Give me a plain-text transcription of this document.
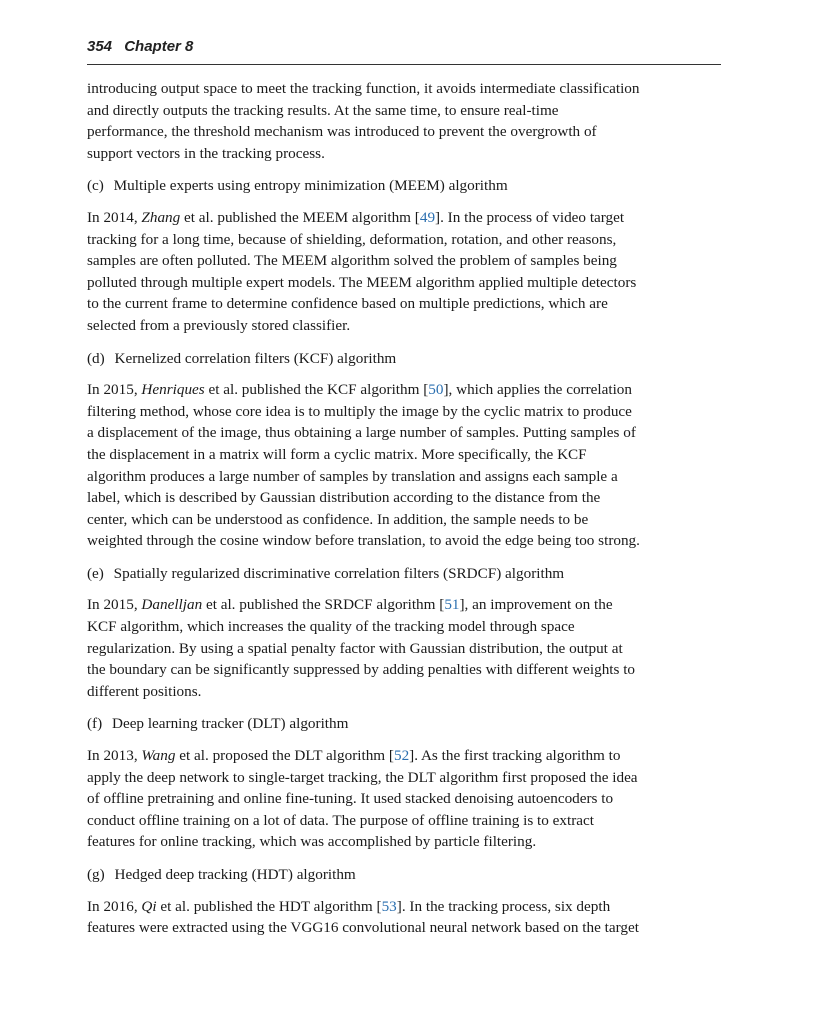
354 Chapter 8

introducing output space to meet the tracking function, it avoids intermediate classification
and directly outputs the tracking results. At the same time, to ensure real-time
performance, the threshold mechanism was introduced to prevent the overgrowth of
support vectors in the tracking process.

(c) Multiple experts using entropy minimization (MEEM) algorithm

In 2014, Zhang et al. published the MEEM algorithm [49]. In the process of video target
tracking for a long time, because of shielding, deformation, rotation, and other reasons,
samples are often polluted. The MEEM algorithm solved the problem of samples being
polluted through multiple expert models. The MEEM algorithm applied multiple detectors
to the current frame to determine confidence based on multiple predictions, which are
selected from a previously stored classifier.

(d) Kernelized correlation filters (KCF) algorithm

In 2015, Henriques et al. published the KCF algorithm [50], which applies the correlation
filtering method, whose core idea is to multiply the image by the cyclic matrix to produce
a displacement of the image, thus obtaining a large number of samples. Putting samples of
the displacement in a matrix will form a cyclic matrix. More specifically, the KCF
algorithm produces a large number of samples by translation and assigns each sample a
label, which is described by Gaussian distribution according to the distance from the
center, which can be understood as confidence. In addition, the sample needs to be
weighted through the cosine window before translation, to avoid the edge being too strong.

(e) Spatially regularized discriminative correlation filters (SRDCF) algorithm

In 2015, Danelljan et al. published the SRDCF algorithm [51], an improvement on the
KCF algorithm, which increases the quality of the tracking model through space
regularization. By using a spatial penalty factor with Gaussian distribution, the output at
the boundary can be significantly suppressed by adding penalties with different weights to
different positions.

(f) Deep learning tracker (DLT) algorithm

In 2013, Wang et al. proposed the DLT algorithm [52]. As the first tracking algorithm to
apply the deep network to single-target tracking, the DLT algorithm first proposed the idea
of offline pretraining and online fine-tuning. It used stacked denoising autoencoders to
conduct offline training on a lot of data. The purpose of offline training is to extract
features for online tracking, which was accomplished by particle filtering.

(g) Hedged deep tracking (HDT) algorithm

In 2016, Qi et al. published the HDT algorithm [53]. In the tracking process, six depth
features were extracted using the VGG16 convolutional neural network based on the target
